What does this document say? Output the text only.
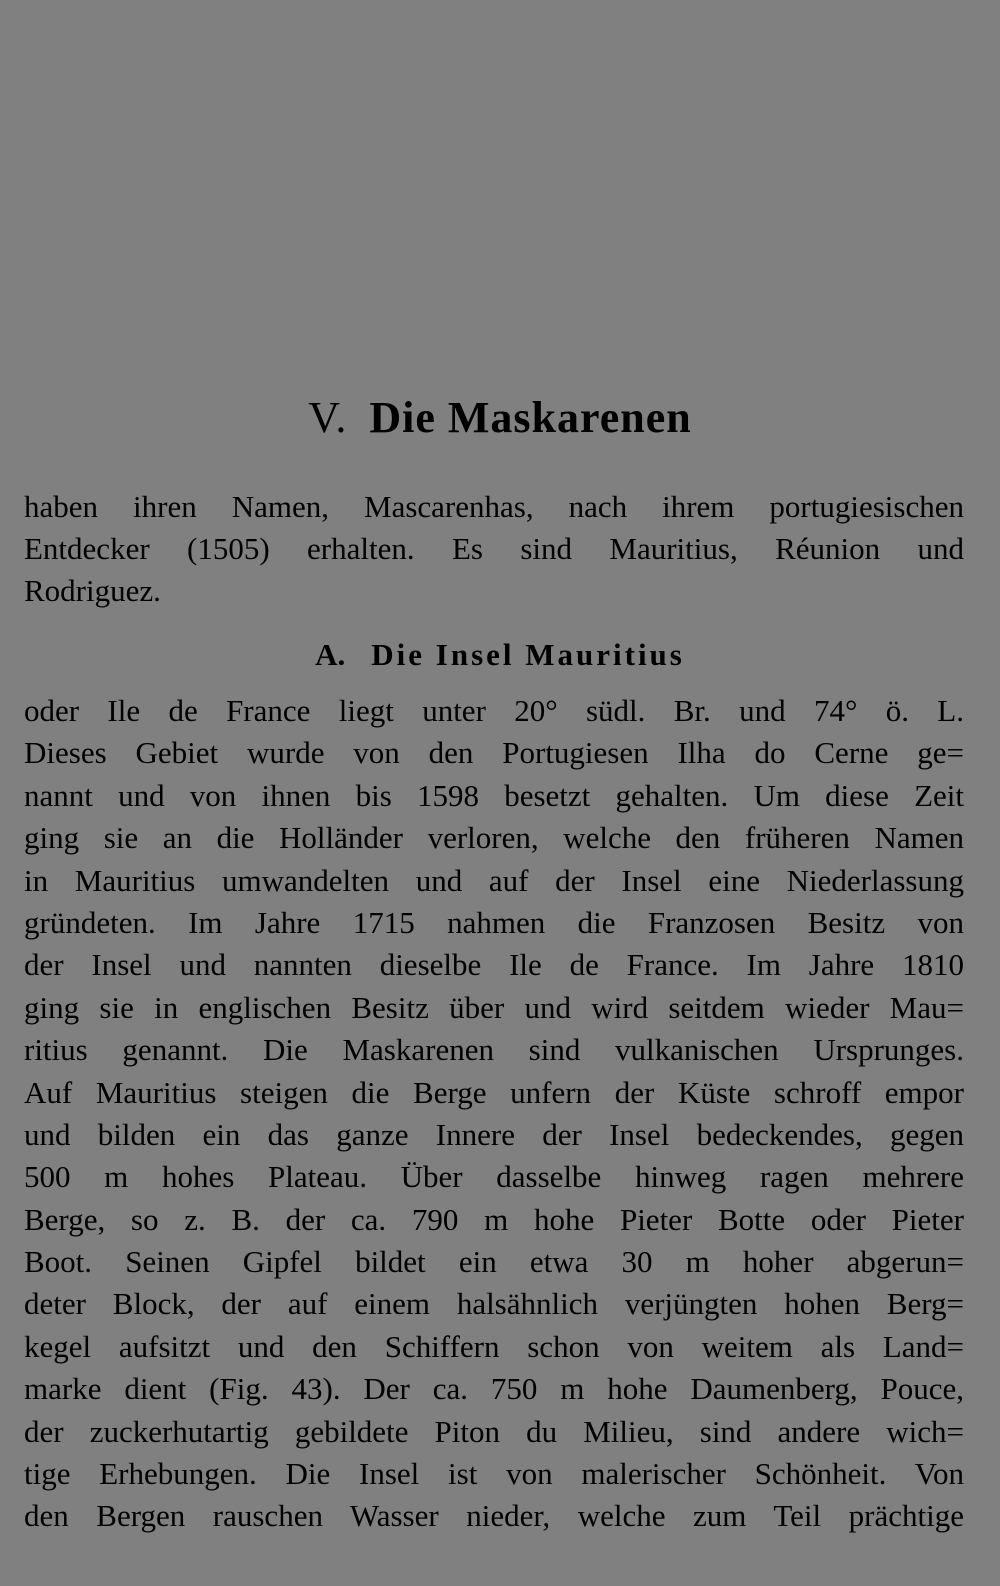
V. Die Maskarenen

haben ihren Namen, Mascarenhas, nach ihrem portugiesischen
Entdecker (1505) erhalten. Es sind Mauritius, Réunion und
Rodriguez.

A. Die Insel Mauritius

oder Ile de France liegt unter 20° südl. Br. und 74° ö. L.
Dieses Gebiet wurde von den Portugiesen Ilha do Cerne ge=
nannt und von ihnen bis 1598 besetzt gehalten. Um diese Zeit
ging sie an die Holländer verloren, welche den früheren Namen
in Mauritius umwandelten und auf der Insel eine Niederlassung
gründeten. Im Jahre 1715 nahmen die Franzosen Besitz von
der Insel und nannten dieselbe Ile de France. Im Jahre 1810
ging sie in englischen Besitz über und wird seitdem wieder Mau=
ritius genannt. Die Maskarenen sind vulkanischen Ursprunges.
Auf Mauritius steigen die Berge unfern der Küste schroff empor
und bilden ein das ganze Innere der Insel bedeckendes, gegen
500 m hohes Plateau. Über dasselbe hinweg ragen mehrere
Berge, so z. B. der ca. 790 m hohe Pieter Botte oder Pieter
Boot. Seinen Gipfel bildet ein etwa 30 m hoher abgerun=
deter Block, der auf einem halsähnlich verjüngten hohen Berg=
kegel aufsitzt und den Schiffern schon von weitem als Land=
marke dient (Fig. 43). Der ca. 750 m hohe Daumenberg, Pouce,
der zuckerhutartig gebildete Piton du Milieu, sind andere wich=
tige Erhebungen. Die Insel ist von malerischer Schönheit. Von
den Bergen rauschen Wasser nieder, welche zum Teil prächtige
